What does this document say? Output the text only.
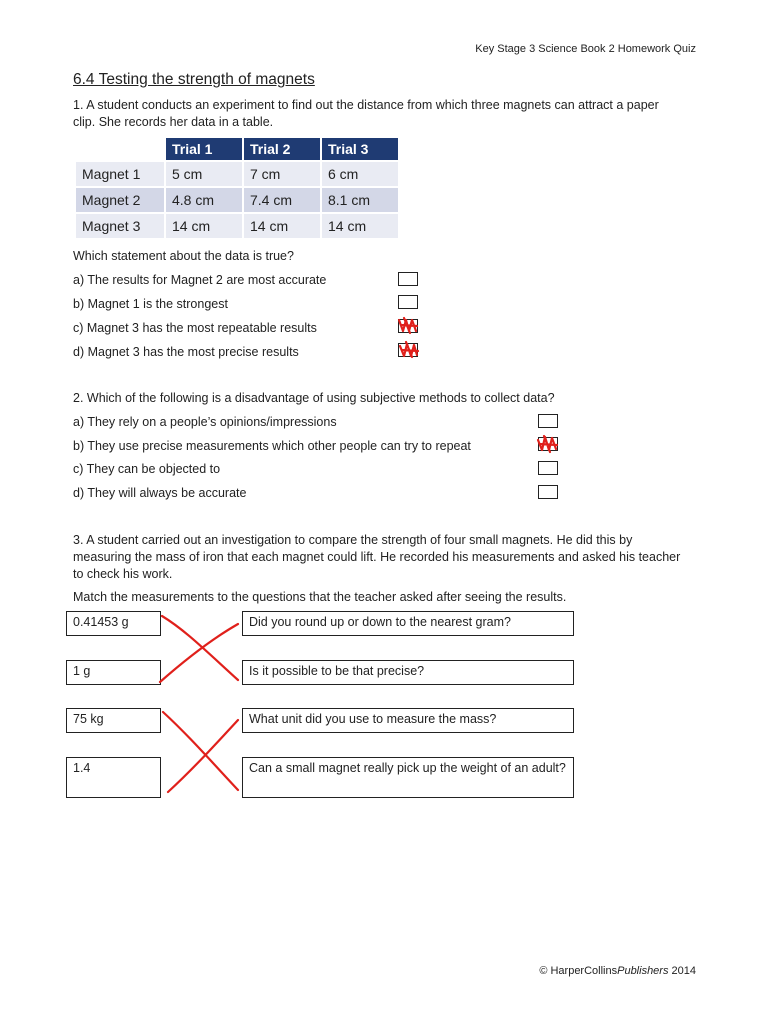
Key Stage 3 Science Book 2 Homework Quiz
6.4 Testing the strength of magnets
1. A student conducts an experiment to find out the distance from which three magnets can attract a paper clip. She records her data in a table.
	Trial 1	Trial 2	Trial 3
Magnet 1	5 cm	7 cm	6 cm
Magnet 2	4.8 cm	7.4 cm	8.1 cm
Magnet 3	14 cm	14 cm	14 cm
Which statement about the data is true?
a) The results for Magnet 2 are most accurate
b) Magnet 1 is the strongest
c) Magnet 3 has the most repeatable results
d) Magnet 3 has the most precise results
2. Which of the following is a disadvantage of using subjective methods to collect data?
a) They rely on a people’s opinions/impressions
b) They use precise measurements which other people can try to repeat
c) They can be objected to
d) They will always be accurate
3. A student carried out an investigation to compare the strength of four small magnets. He did this by measuring the mass of iron that each magnet could lift. He recorded his measurements and asked his teacher to check his work.
Match the measurements to the questions that the teacher asked after seeing the results.
0.41453 g
1 g
75 kg
1.4
Did you round up or down to the nearest gram?
Is it possible to be that precise?
What unit did you use to measure the mass?
Can a small magnet really pick up the weight of an adult?
© HarperCollinsPublishers 2014
